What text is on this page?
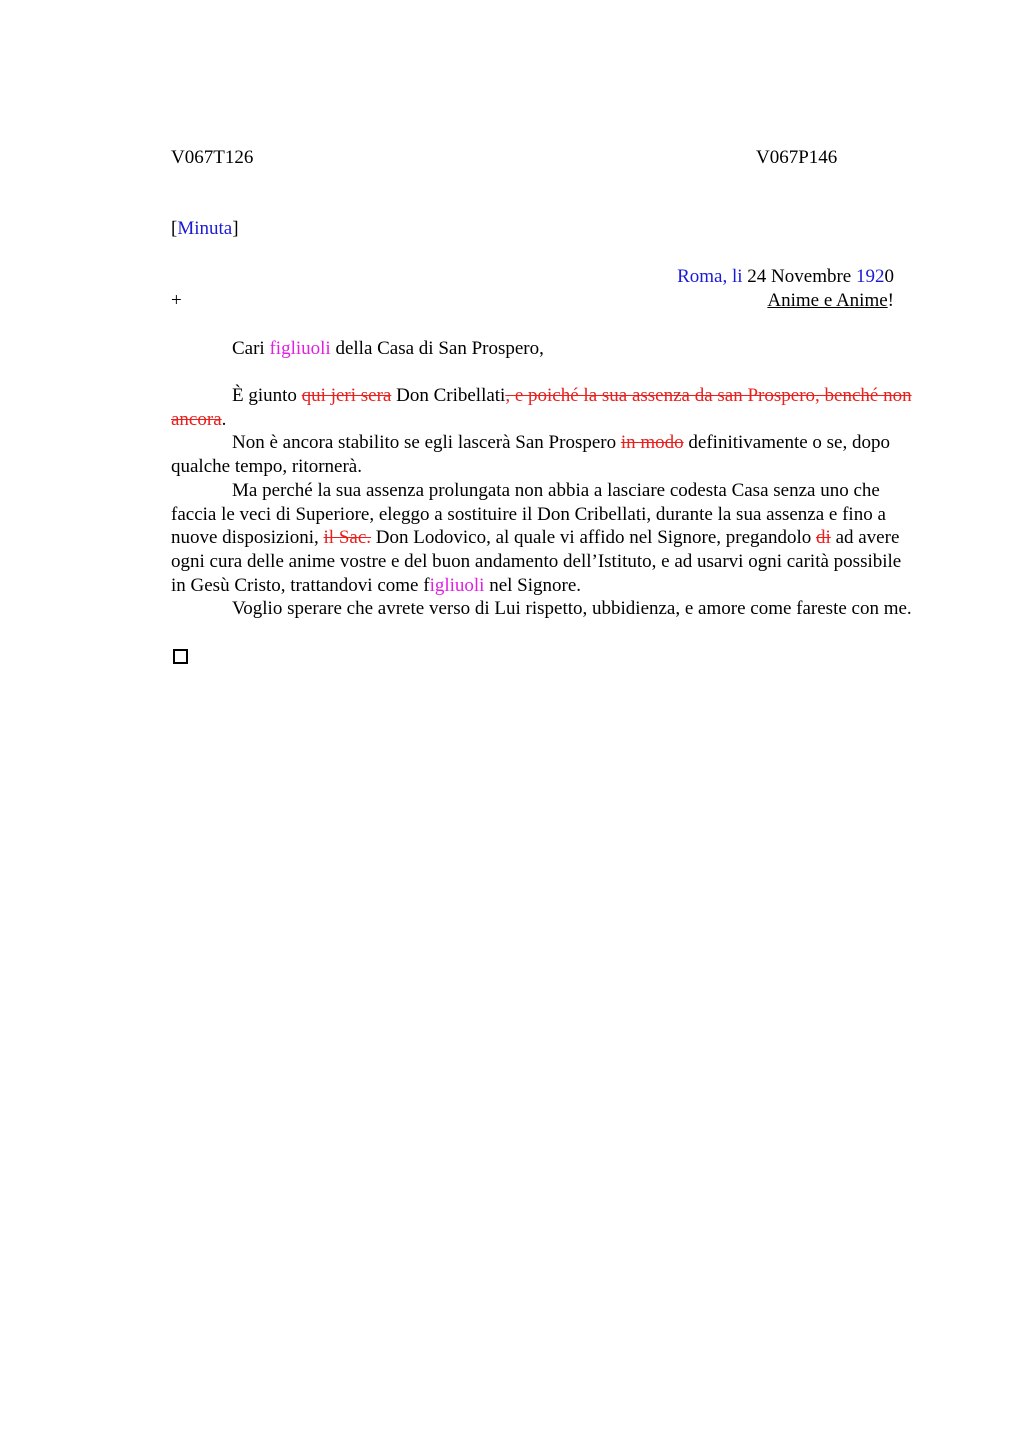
V067T126	V067P146
[Minuta]
Roma, li 24 Novembre 1920
+	Anime e Anime!
Cari figliuoli della Casa di San Prospero,

È giunto qui jeri sera Don Cribellati, e poiché la sua assenza da san Prospero, benché non ancora.

Non è ancora stabilito se egli lascerà San Prospero in modo definitivamente o se, dopo qualche tempo, ritornerà.

Ma perché la sua assenza prolungata non abbia a lasciare codesta Casa senza uno che faccia le veci di Superiore, eleggo a sostituire il Don Cribellati, durante la sua assenza e fino a nuove disposizioni, il Sac. Don Lodovico, al quale vi affido nel Signore, pregandolo di ad avere ogni cura delle anime vostre e del buon andamento dell’Istituto, e ad usarvi ogni carità possibile in Gesù Cristo, trattandovi come figliuoli nel Signore.

Voglio sperare che avrete verso di Lui rispetto, ubbidienza, e amore come fareste con me.
